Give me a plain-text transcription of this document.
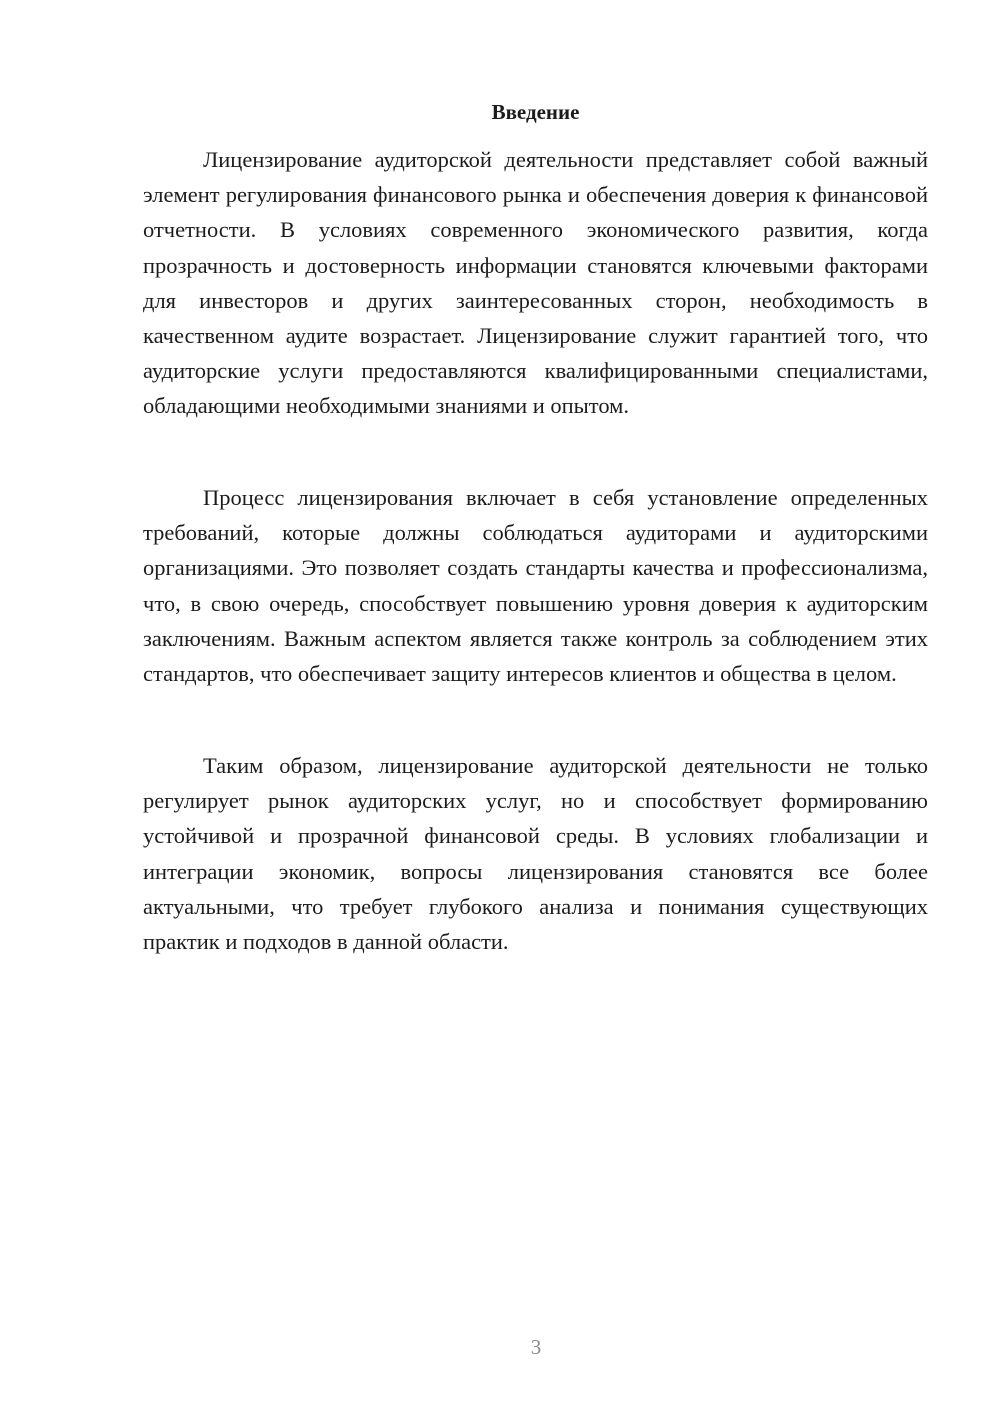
Введение

Лицензирование аудиторской деятельности представляет собой важный элемент регулирования финансового рынка и обеспечения доверия к финансовой отчетности. В условиях современного экономического развития, когда прозрачность и достоверность информации становятся ключевыми факторами для инвесторов и других заинтересованных сторон, необходимость в качественном аудите возрастает. Лицензирование служит гарантией того, что аудиторские услуги предоставляются квалифицированными специалистами, обладающими необходимыми знаниями и опытом.

Процесс лицензирования включает в себя установление определенных требований, которые должны соблюдаться аудиторами и аудиторскими организациями. Это позволяет создать стандарты качества и профессионализма, что, в свою очередь, способствует повышению уровня доверия к аудиторским заключениям. Важным аспектом является также контроль за соблюдением этих стандартов, что обеспечивает защиту интересов клиентов и общества в целом.

Таким образом, лицензирование аудиторской деятельности не только регулирует рынок аудиторских услуг, но и способствует формированию устойчивой и прозрачной финансовой среды. В условиях глобализации и интеграции экономик, вопросы лицензирования становятся все более актуальными, что требует глубокого анализа и понимания существующих практик и подходов в данной области.

3
